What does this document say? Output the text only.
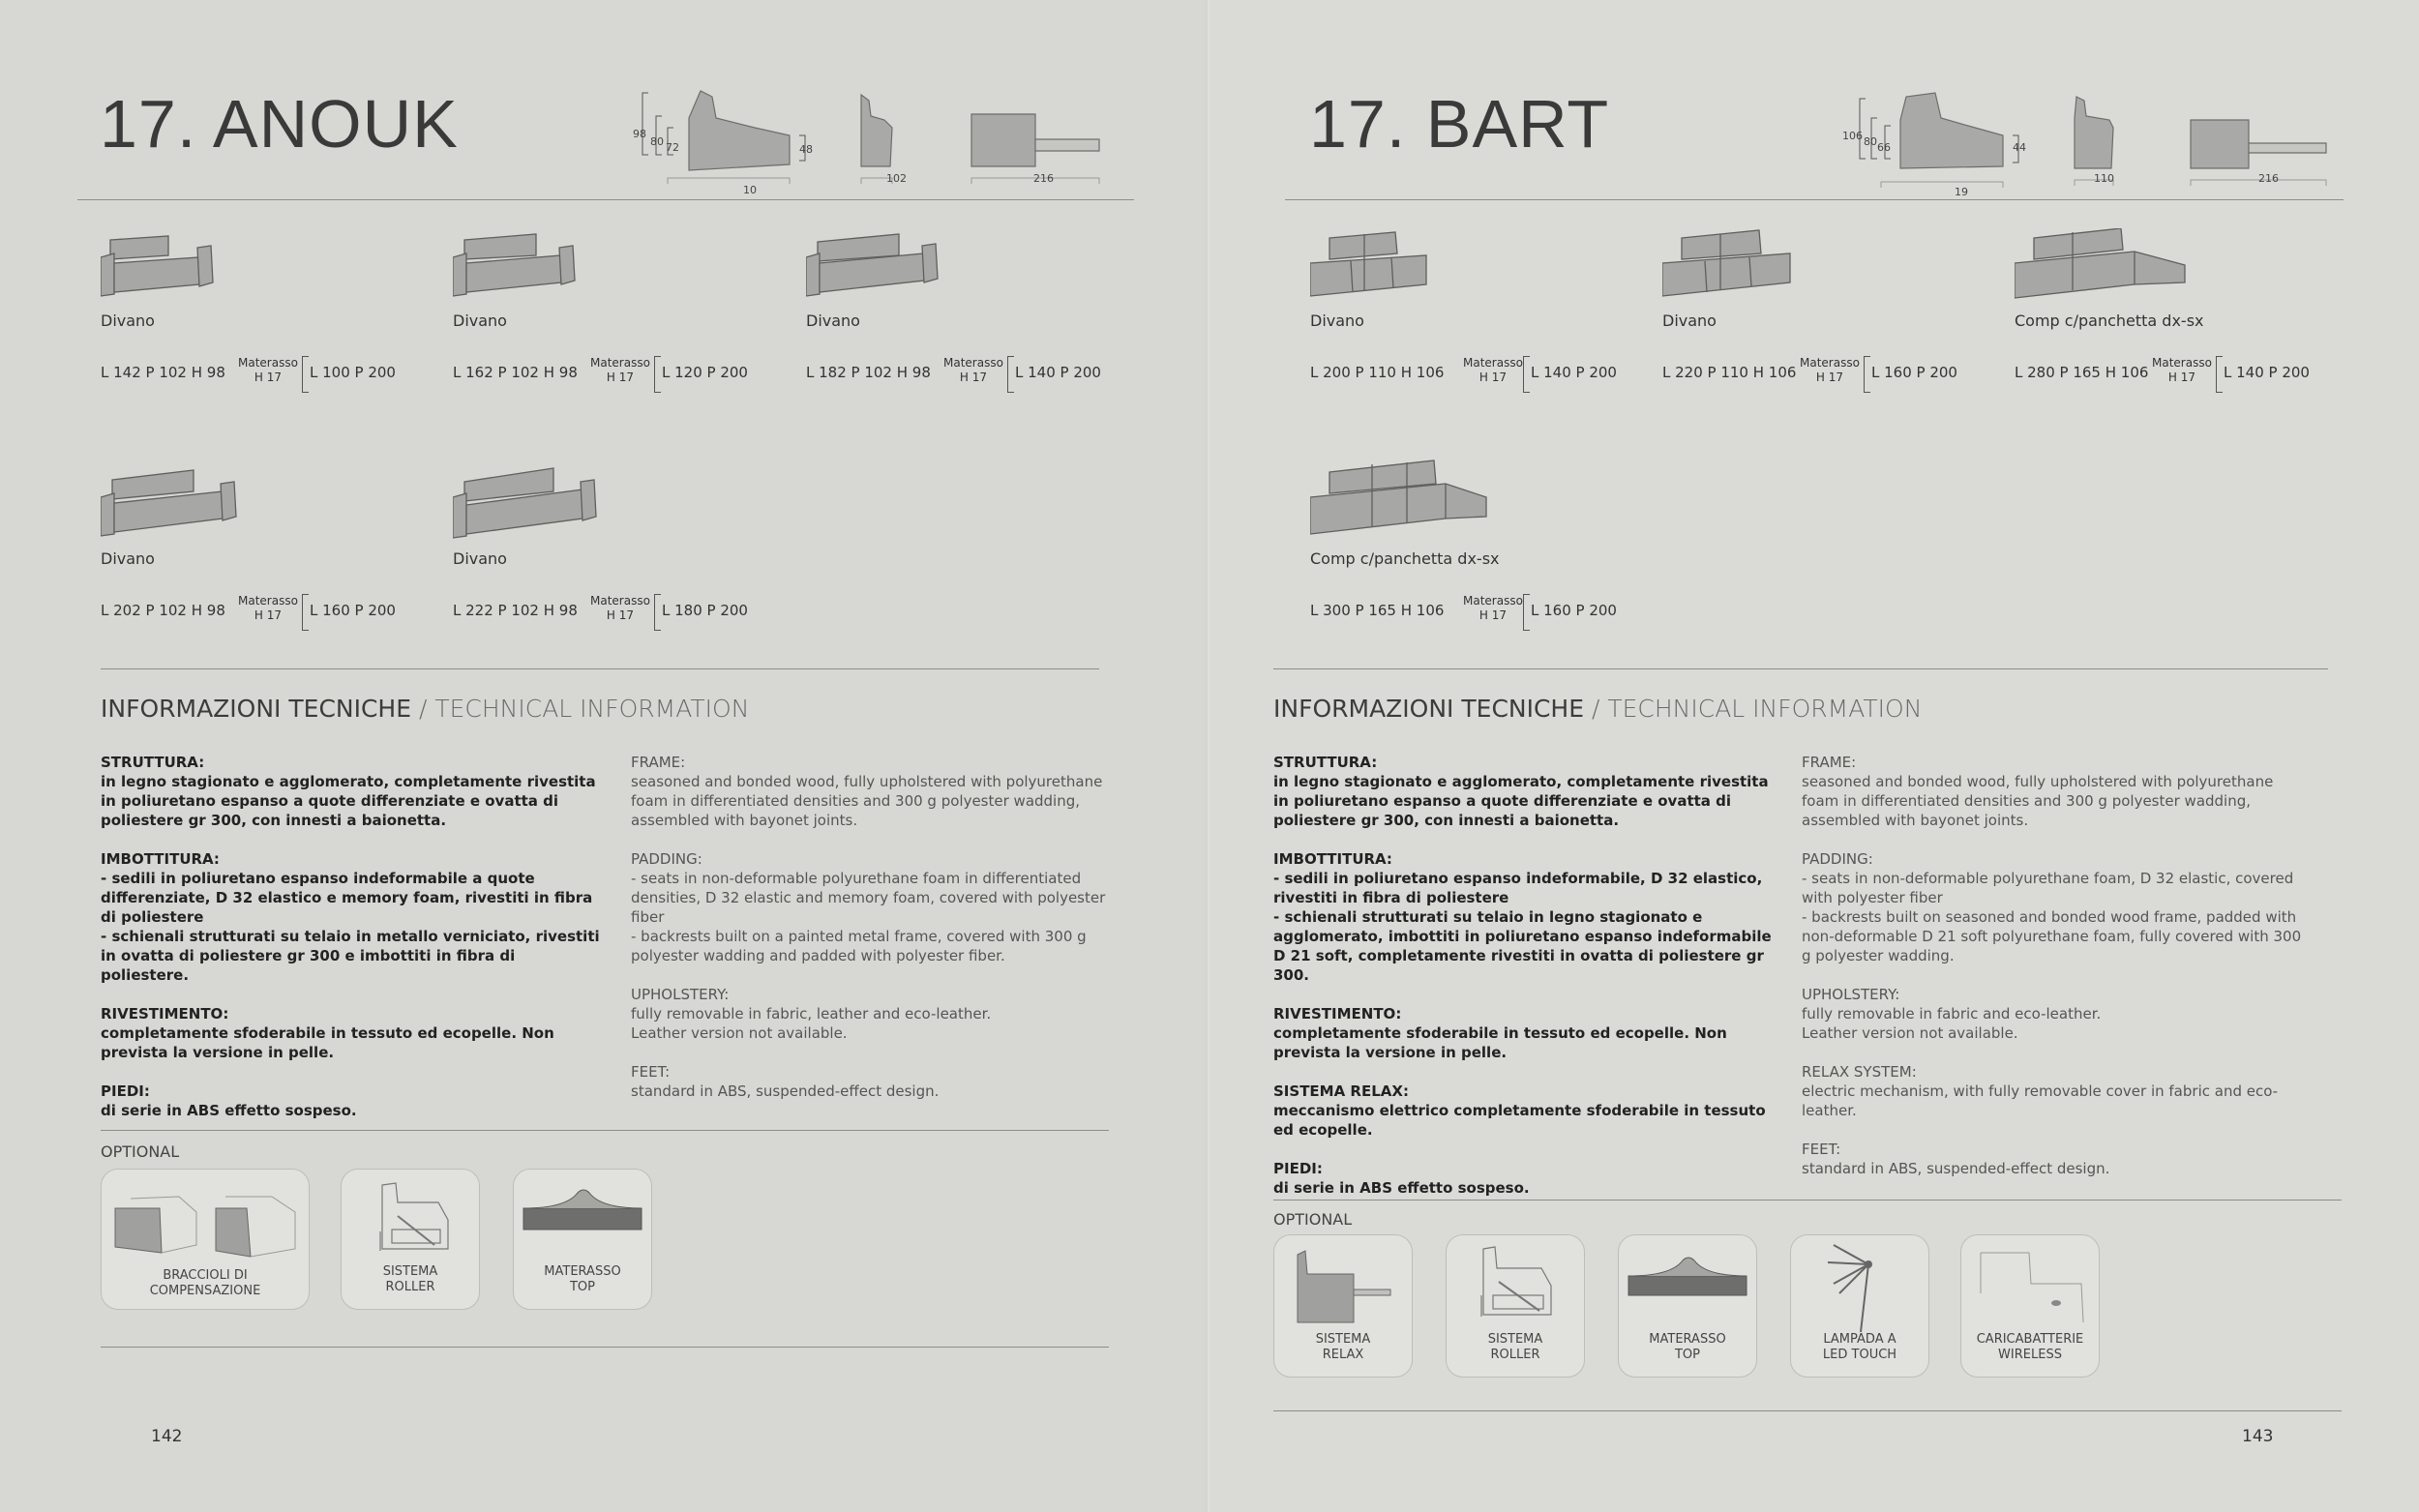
17. ANOUK	98
80 72	48
10
102	216
Divano
L 142 P 102 H 98
Materasso
H 17	L 100 P 200
Divano
L 162 P 102 H 98
Materasso
H 17	L 120 P 200
Divano
L 182 P 102 H 98
Materasso
H 17	L 140 P 200
Divano
L 202 P 102 H 98
Materasso
H 17	L 160 P 200
Divano
L 222 P 102 H 98
Materasso
H 17	L 180 P 200
INFORMAZIONI TECNICHE / TECHNICAL INFORMATION
STRUTTURA:
in legno stagionato e agglomerato, completamente rivestita in poliuretano espanso a quote differenziate e ovatta di poliestere gr 300, con innesti a baionetta.
IMBOTTITURA:
- sedili in poliuretano espanso indeformabile a quote differenziate, D 32 elastico e memory foam, rivestiti in fibra di poliestere
- schienali strutturati su telaio in metallo verniciato, rivestiti in ovatta di poliestere gr 300 e imbottiti in fibra di poliestere.
RIVESTIMENTO:
completamente sfoderabile in tessuto ed ecopelle. Non prevista la versione in pelle.
PIEDI:
di serie in ABS effetto sospeso.
FRAME:
seasoned and bonded wood, fully upholstered with polyurethane foam in differentiated densities and 300 g polyester wadding, assembled with bayonet joints.
PADDING:
- seats in non-deformable polyurethane foam in differentiated densities, D 32 elastic and memory foam, covered with polyester fiber
- backrests built on a painted metal frame, covered with 300 g polyester wadding and padded with polyester fiber.
UPHOLSTERY:
fully removable in fabric, leather and eco-leather.
Leather version not available.
FEET:
standard in ABS, suspended-effect design.
OPTIONAL
BRACCIOLI DI
COMPENSAZIONE
SISTEMA
ROLLER
MATERASSO
TOP
142
17. BART	106 80 66	44
19
110	216
Divano
L 200 P 110 H 106
Materasso
H 17	L 140 P 200
Divano
L 220 P 110 H 106
Materasso
H 17	L 160 P 200
Comp c/panchetta dx-sx
L 280 P 165 H 106
Materasso
H 17	L 140 P 200
Comp c/panchetta dx-sx
L 300 P 165 H 106
Materasso
H 17	L 160 P 200
INFORMAZIONI TECNICHE / TECHNICAL INFORMATION
STRUTTURA:
in legno stagionato e agglomerato, completamente rivestita in poliuretano espanso a quote differenziate e ovatta di poliestere gr 300, con innesti a baionetta.
IMBOTTITURA:
- sedili in poliuretano espanso indeformabile, D 32 elastico, rivestiti in fibra di poliestere
- schienali strutturati su telaio in legno stagionato e agglomerato, imbottiti in poliuretano espanso indeformabile D 21 soft, completamente rivestiti in ovatta di poliestere gr 300.
RIVESTIMENTO:
completamente sfoderabile in tessuto ed ecopelle. Non prevista la versione in pelle.
SISTEMA RELAX:
meccanismo elettrico completamente sfoderabile in tessuto ed ecopelle.
PIEDI:
di serie in ABS effetto sospeso.
FRAME:
seasoned and bonded wood, fully upholstered with polyurethane foam in differentiated densities and 300 g polyester wadding, assembled with bayonet joints.
PADDING:
- seats in non-deformable polyurethane foam, D 32 elastic, covered with polyester fiber
- backrests built on seasoned and bonded wood frame, padded with non-deformable D 21 soft polyurethane foam, fully covered with 300 g polyester wadding.
UPHOLSTERY:
fully removable in fabric and eco-leather.
Leather version not available.
RELAX SYSTEM:
electric mechanism, with fully removable cover in fabric and eco-leather.
FEET:
standard in ABS, suspended-effect design.
OPTIONAL
SISTEMA
RELAX
SISTEMA
ROLLER
MATERASSO
TOP
LAMPADA A
LED TOUCH
CARICABATTERIE
WIRELESS
143
